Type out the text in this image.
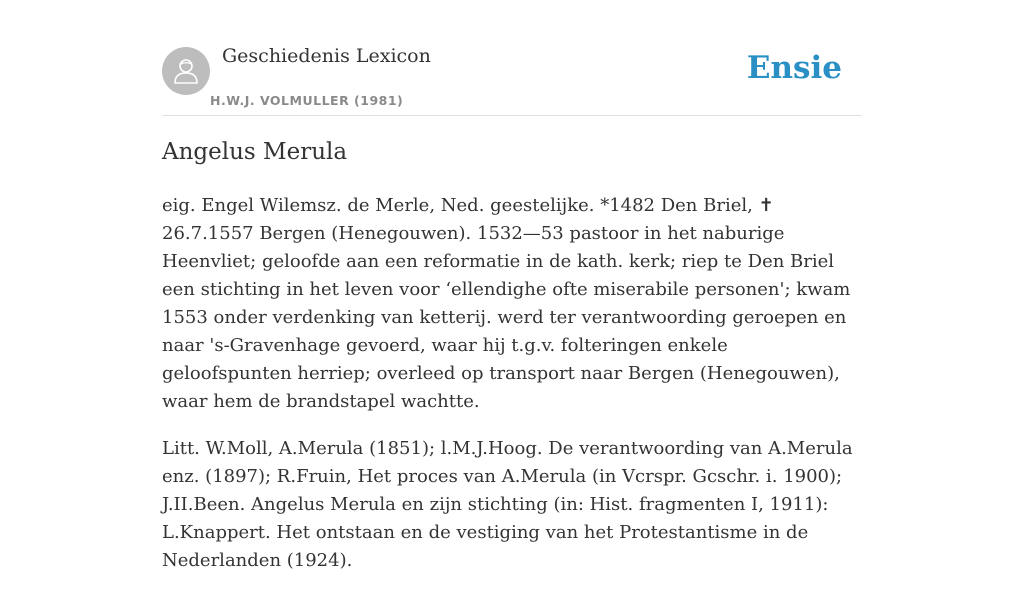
Geschiedenis Lexicon
H.W.J. VOLMULLER (1981)
Ensie
Angelus Merula

eig. Engel Wilemsz. de Merle, Ned. geestelijke. *1482 Den Briel, ✝ 26.7.1557 Bergen (Henegouwen). 1532—53 pastoor in het naburige Heenvliet; geloofde aan een reformatie in de kath. kerk; riep te Den Briel een stichting in het leven voor ‘ellendighe ofte miserabile personen'; kwam 1553 onder verdenking van ketterij. werd ter verantwoording geroepen en naar 's-Gravenhage gevoerd, waar hij t.g.v. folteringen enkele geloofspunten herriep; overleed op transport naar Bergen (Henegouwen), waar hem de brandstapel wachtte.

Litt. W.Moll, A.Merula (1851); l.M.J.Hoog. De verantwoording van A.Merula enz. (1897); R.Fruin, Het proces van A.Merula (in Vcrspr. Gcschr. i. 1900); J.II.Been. Angelus Merula en zijn stichting (in: Hist. fragmenten I, 1911): L.Knappert. Het ontstaan en de vestiging van het Protestantisme in de Nederlanden (1924).
